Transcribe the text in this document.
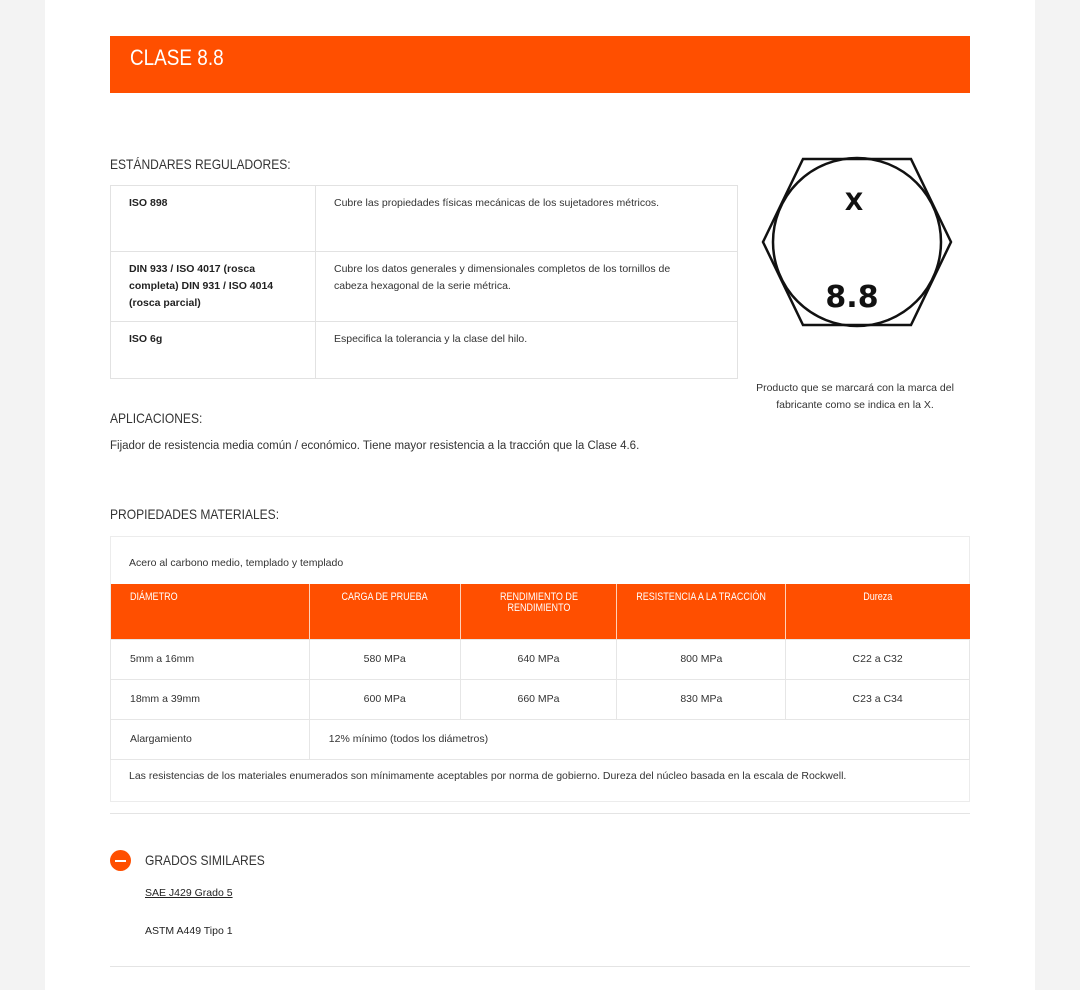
CLASE 8.8
ESTÁNDARES REGULADORES:
ISO 898	Cubre las propiedades físicas mecánicas de los sujetadores métricos.
DIN 933 / ISO 4017 (rosca completa) DIN 931 / ISO 4014 (rosca parcial)	Cubre los datos generales y dimensionales completos de los tornillos de cabeza hexagonal de la serie métrica.
ISO 6g	Especifica la tolerancia y la clase del hilo.
X
8.8
Producto que se marcará con la marca del fabricante como se indica en la X.
APLICACIONES:
Fijador de resistencia media común / económico. Tiene mayor resistencia a la tracción que la Clase 4.6.
PROPIEDADES MATERIALES:
Acero al carbono medio, templado y templado
DIÁMETRO	CARGA DE PRUEBA	RENDIMIENTO DE RENDIMIENTO	RESISTENCIA A LA TRACCIÓN	Dureza
5mm a 16mm	580 MPa	640 MPa	800 MPa	C22 a C32
18mm a 39mm	600 MPa	660 MPa	830 MPa	C23 a C34
Alargamiento	12% mínimo (todos los diámetros)			
Las resistencias de los materiales enumerados son mínimamente aceptables por norma de gobierno. Dureza del núcleo basada en la escala de Rockwell.
GRADOS SIMILARES
SAE J429 Grado 5
ASTM A449 Tipo 1
